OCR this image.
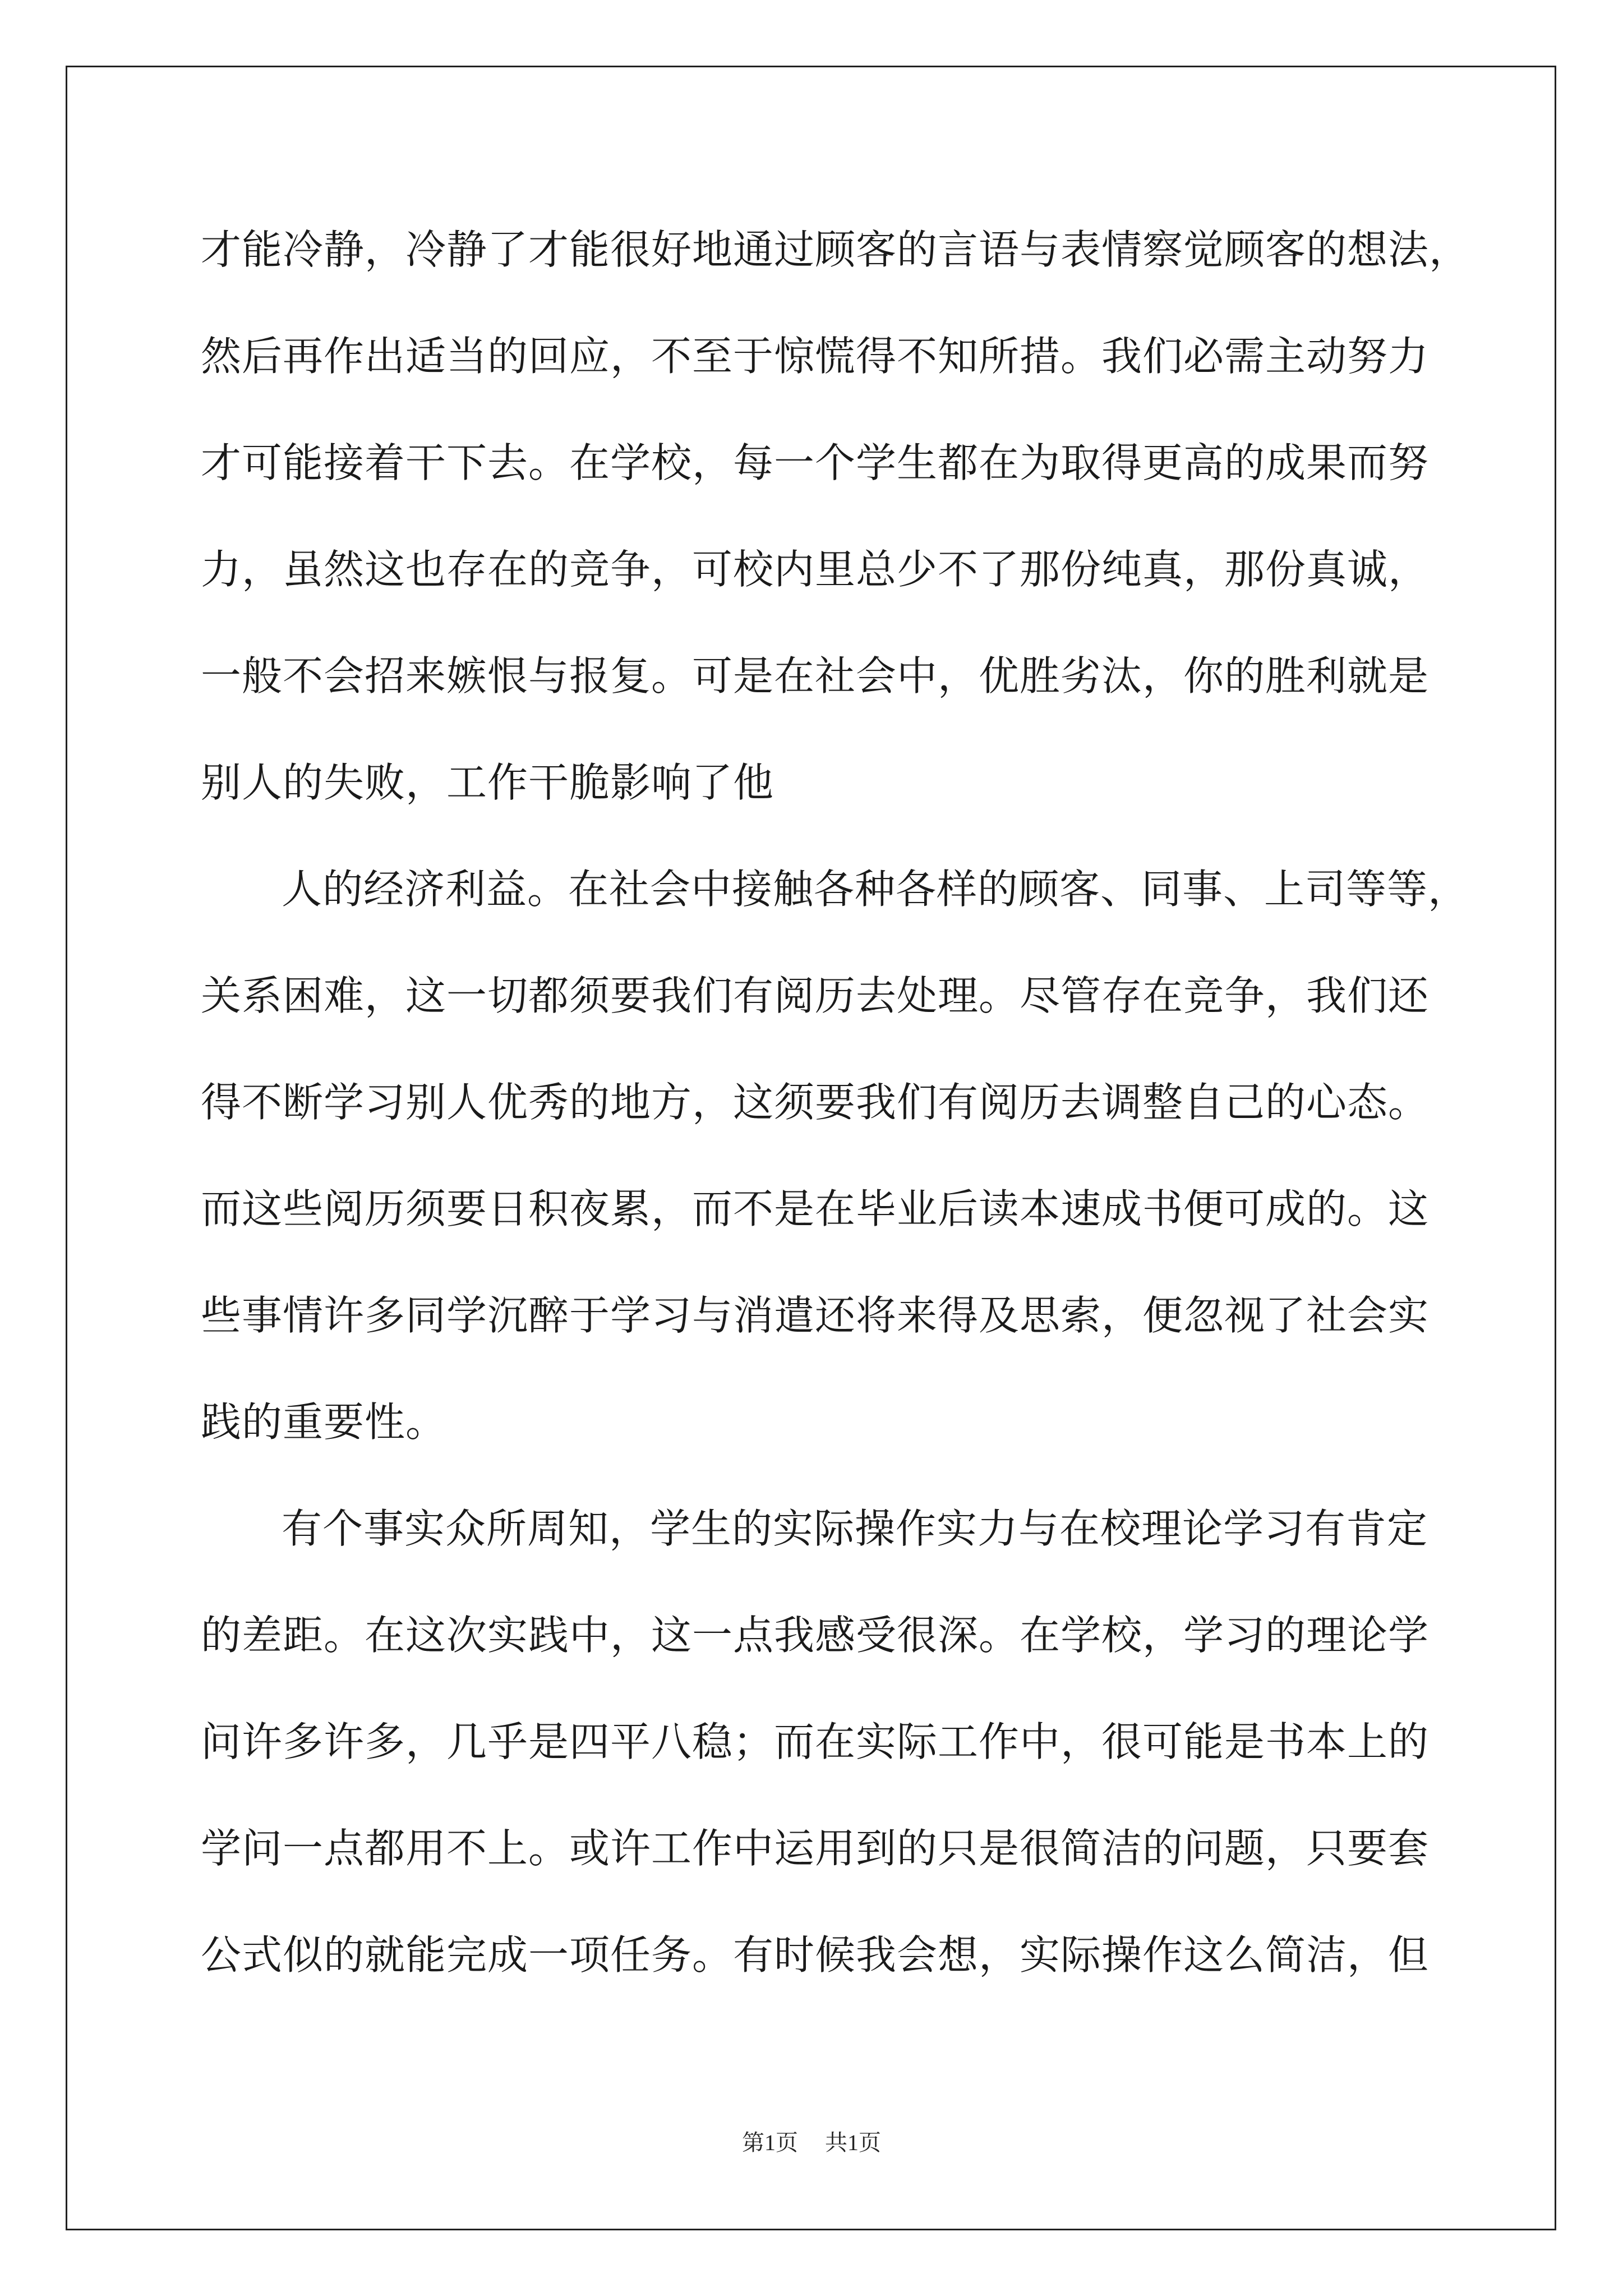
才能冷静，冷静了才能很好地通过顾客的言语与表情察觉顾客的想法，
然后再作出适当的回应，不至于惊慌得不知所措。我们必需主动努力
才可能接着干下去。在学校，每一个学生都在为取得更高的成果而努
力，虽然这也存在的竞争，可校内里总少不了那份纯真，那份真诚，
一般不会招来嫉恨与报复。可是在社会中，优胜劣汰，你的胜利就是
别人的失败，工作干脆影响了他
人的经济利益。在社会中接触各种各样的顾客、同事、上司等等，
关系困难，这一切都须要我们有阅历去处理。尽管存在竞争，我们还
得不断学习别人优秀的地方，这须要我们有阅历去调整自己的心态。
而这些阅历须要日积夜累，而不是在毕业后读本速成书便可成的。这
些事情许多同学沉醉于学习与消遣还将来得及思索，便忽视了社会实
践的重要性。
有个事实众所周知，学生的实际操作实力与在校理论学习有肯定
的差距。在这次实践中，这一点我感受很深。在学校，学习的理论学
问许多许多，几乎是四平八稳；而在实际工作中，很可能是书本上的
学问一点都用不上。或许工作中运用到的只是很简洁的问题，只要套
公式似的就能完成一项任务。有时候我会想，实际操作这么简洁，但
第1页 共1页
